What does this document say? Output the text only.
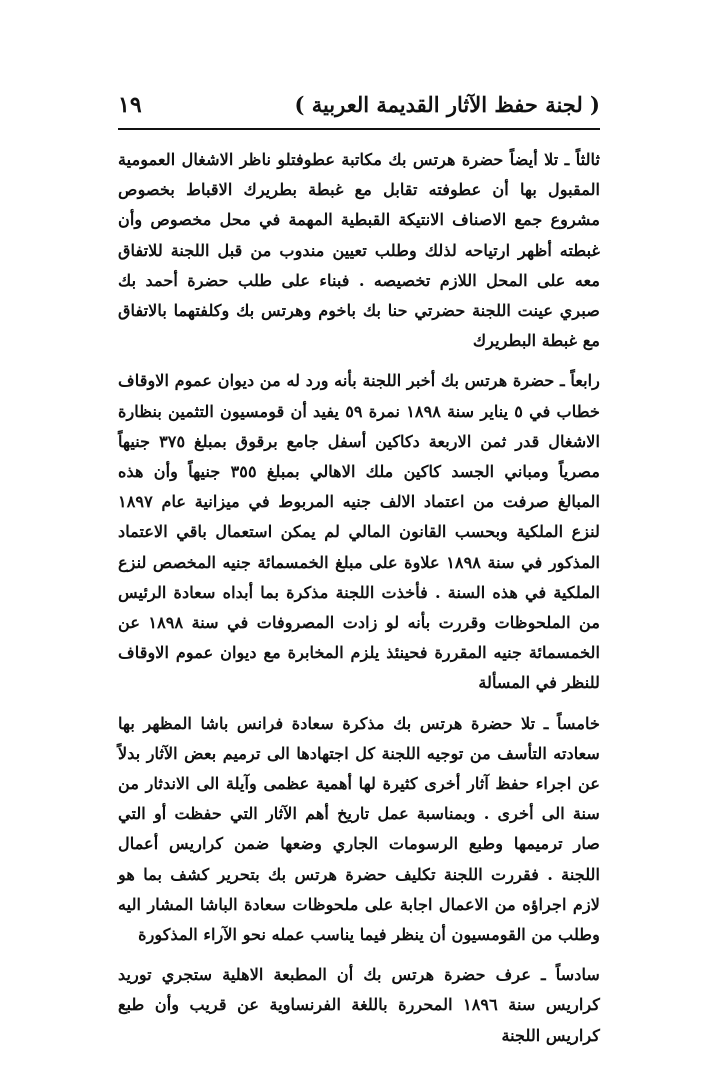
( لجنة حفظ الآثار القديمة العربية )
١٩

ثالثاً ـ تلا أيضاً حضرة هرتس بك مكاتبة عطوفتلو ناظر الاشغال العمومية المقبول بها أن عطوفته تقابل مع غبطة بطريرك الاقباط بخصوص مشروع جمع الاصناف الانتيكة القبطية المهمة في محل مخصوص وأن غبطته أظهر ارتياحه لذلك وطلب تعيين مندوب من قبل اللجنة للاتفاق معه على المحل اللازم تخصيصه . فبناء على طلب حضرة أحمد بك صبري عينت اللجنة حضرتي حنا بك باخوم وهرتس بك وكلفتهما بالاتفاق مع غبطة البطريرك

رابعاً ـ حضرة هرتس بك أخبر اللجنة بأنه ورد له من ديوان عموم الاوقاف خطاب في ٥ يناير سنة ١٨٩٨ نمرة ٥٩ يفيد أن قومسيون التثمين بنظارة الاشغال قدر ثمن الاربعة دكاكين أسفل جامع برقوق بمبلغ ٣٧٥ جنيهاً مصرياً ومباني الجسد كاكين ملك الاهالي بمبلغ ٣٥٥ جنيهاً وأن هذه المبالغ صرفت من اعتماد الالف جنيه المربوط في ميزانية عام ١٨٩٧ لنزع الملكية وبحسب القانون المالي لم يمكن استعمال باقي الاعتماد المذكور في سنة ١٨٩٨ علاوة على مبلغ الخمسمائة جنيه المخصص لنزع الملكية في هذه السنة . فأخذت اللجنة مذكرة بما أبداه سعادة الرئيس من الملحوظات وقررت بأنه لو زادت المصروفات في سنة ١٨٩٨ عن الخمسمائة جنيه المقررة فحينئذ يلزم المخابرة مع ديوان عموم الاوقاف للنظر في المسألة

خامساً ـ تلا حضرة هرتس بك مذكرة سعادة فرانس باشا المظهر بها سعادته التأسف من توجيه اللجنة كل اجتهادها الى ترميم بعض الآثار بدلاً عن اجراء حفظ آثار أخرى كثيرة لها أهمية عظمى وآيلة الى الاندثار من سنة الى أخرى . وبمناسبة عمل تاريخ أهم الآثار التي حفظت أو التي صار ترميمها وطبع الرسومات الجاري وضعها ضمن كراريس أعمال اللجنة . فقررت اللجنة تكليف حضرة هرتس بك بتحرير كشف بما هو لازم اجراؤه من الاعمال اجابة على ملحوظات سعادة الباشا المشار اليه وطلب من القومسيون أن ينظر فيما يناسب عمله نحو الآراء المذكورة

سادساً ـ عرف حضرة هرتس بك أن المطبعة الاهلية ستجري توريد كراريس سنة ١٨٩٦ المحررة باللغة الفرنساوية عن قريب وأن طبع كراريس اللجنة
